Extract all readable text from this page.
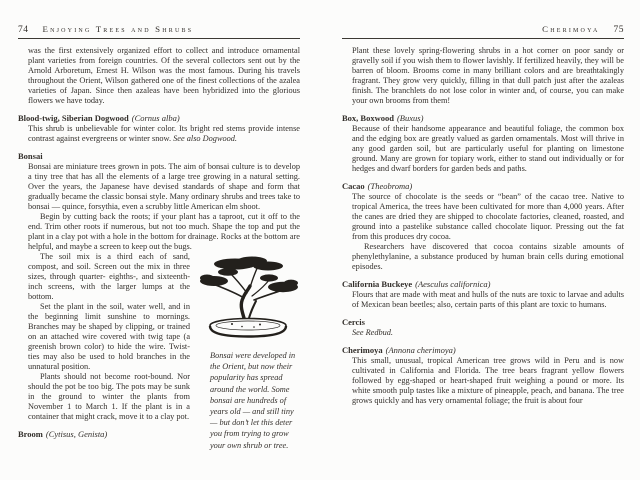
74 Enjoying Trees and Shrubs

was the first extensively organized effort to collect and introduce ornamental plant varieties from foreign countries. Of the several collectors sent out by the Arnold Arboretum, Ernest H. Wilson was the most famous. During his travels throughout the Orient, Wilson gathered one of the finest collections of the azalea varieties of Japan. Since then azaleas have been hybridized into the glorious flowers we have today.

Blood-twig, Siberian Dogwood (Cornus alba)

This shrub is unbelievable for winter color. Its bright red stems provide intense contrast against evergreens or winter snow. See also Dogwood.

Bonsai

Bonsai are miniature trees grown in pots. The aim of bonsai culture is to develop a tiny tree that has all the elements of a large tree growing in a natural setting. Over the years, the Japanese have devised standards of shape and form that gradually became the classic bonsai style. Many ordinary shrubs and trees take to bonsai — quince, forsythia, even a scrubby little American elm shoot.

Begin by cutting back the roots; if your plant has a taproot, cut it off to the end. Trim other roots if numerous, but not too much. Shape the top and put the plant in a clay pot with a hole in the bottom for drainage. Rocks at the bottom are helpful, and maybe a screen to keep out the bugs.

Bonsai were developed in the Orient, but now their popularity has spread around the world. Some bonsai are hundreds of years old — and still tiny — but don’t let this deter you from trying to grow your own shrub or tree.

The soil mix is a third each of sand, compost, and soil. Screen out the mix in three sizes, through quarter- eighths-, and sixteenth-inch screens, with the larger lumps at the bottom.

Set the plant in the soil, water well, and in the beginning limit sunshine to mornings. Branches may be shaped by clipping, or trained on an attached wire covered with twig tape (a greenish brown color) to hide the wire. Twist-ties may also be used to hold branches in the unnatural position.

Plants should not become root-bound. Nor should the pot be too big. The pots may be sunk in the ground to winter the plants from November 1 to March 1. If the plant is in a container that might crack, move it to a clay pot.

Broom (Cytisus, Genista)
Cherimoya 75

Plant these lovely spring-flowering shrubs in a hot corner on poor sandy or gravelly soil if you wish them to flower lavishly. If fertilized heavily, they will be barren of bloom. Brooms come in many brilliant colors and are breathtakingly fragrant. They grow very quickly, filling in that dull patch just after the azaleas finish. The branchlets do not lose color in winter and, of course, you can make your own brooms from them!

Box, Boxwood (Buxus)

Because of their handsome appearance and beautiful foliage, the common box and the edging box are greatly valued as garden ornamentals. Most will thrive in any good garden soil, but are particularly useful for planting on limestone ground. Many are grown for topiary work, either to stand out individually or for hedges and dwarf borders for garden beds and paths.

Cacao (Theobroma)

The source of chocolate is the seeds or “bean” of the cacao tree. Native to tropical America, the trees have been cultivated for more than 4,000 years. After the canes are dried they are shipped to chocolate factories, cleaned, roasted, and ground into a pastelike substance called chocolate liquor. Pressing out the fat from this produces dry cocoa.

Researchers have discovered that cocoa contains sizable amounts of phenylethylanine, a substance produced by human brain cells during emotional episodes.

California Buckeye (Aesculus californica)

Flours that are made with meat and hulls of the nuts are toxic to larvae and adults of Mexican bean beetles; also, certain parts of this plant are toxic to humans.

Cercis

See Redbud.

Cherimoya (Annona cherimoya)

This small, unusual, tropical American tree grows wild in Peru and is now cultivated in California and Florida. The tree bears fragrant yellow flowers followed by egg-shaped or heart-shaped fruit weighing a pound or more. Its white smooth pulp tastes like a mixture of pineapple, peach, and banana. The tree grows quickly and has very ornamental foliage; the fruit is about four
